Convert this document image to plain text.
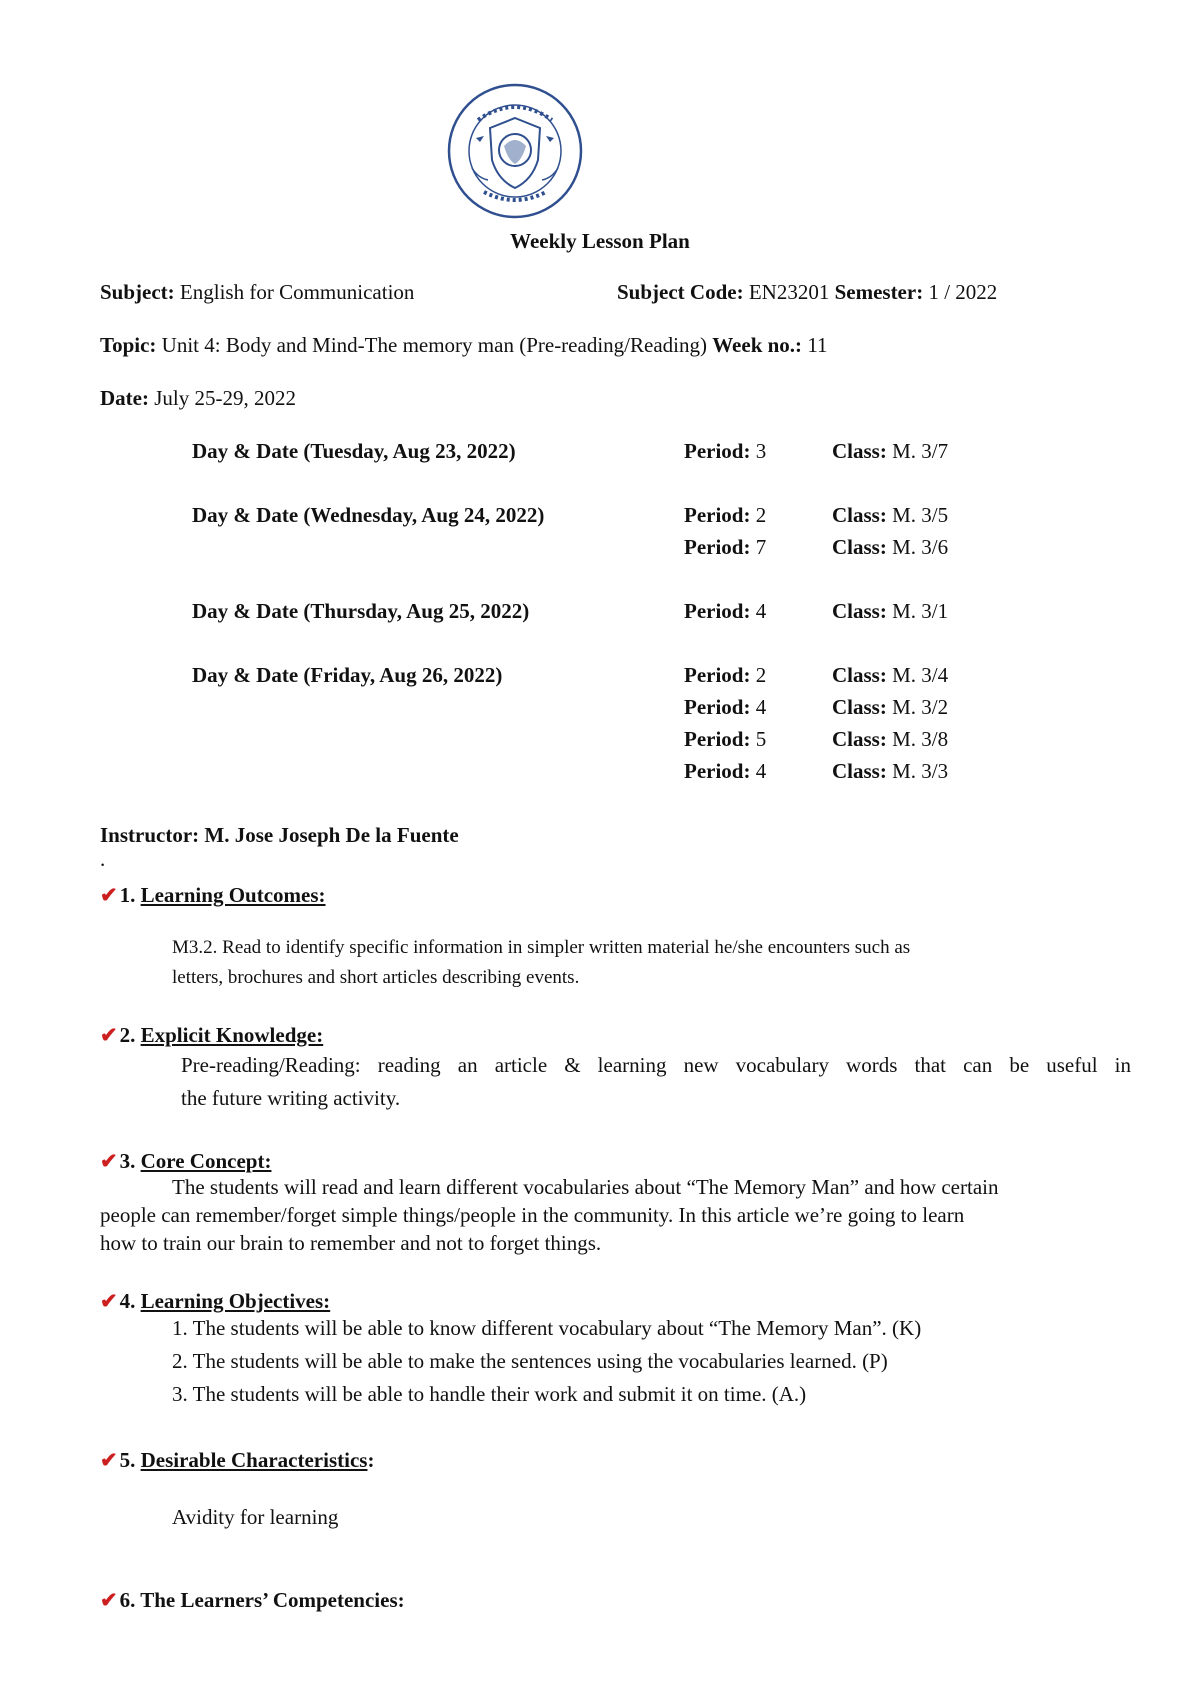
Weekly Lesson Plan
Subject: English for Communication	Subject Code: EN23201 Semester: 1 / 2022
Topic: Unit 4: Body and Mind-The memory man (Pre-reading/Reading) Week no.: 11
Date: July 25-29, 2022
Day & Date (Tuesday, Aug 23, 2022)	Period: 3	Class: M. 3/7
Day & Date (Wednesday, Aug 24, 2022)	Period: 2	Class: M. 3/5
Period: 7	Class: M. 3/6
Day & Date (Thursday, Aug 25, 2022)	Period: 4	Class: M. 3/1
Day & Date (Friday, Aug 26, 2022)	Period: 2	Class: M. 3/4
Period: 4	Class: M. 3/2
Period: 5	Class: M. 3/8
Period: 4	Class: M. 3/3
Instructor: M. Jose Joseph De la Fuente
.
✔1. Learning Outcomes:
M3.2. Read to identify specific information in simpler written material he/she encounters such as
letters, brochures and short articles describing events.
✔2. Explicit Knowledge:
Pre-reading/Reading: reading an article & learning new vocabulary words that can be useful in
the future writing activity.
✔3. Core Concept:
The students will read and learn different vocabularies about “The Memory Man” and how certain
people can remember/forget simple things/people in the community. In this article we’re going to learn
how to train our brain to remember and not to forget things.
✔4. Learning Objectives:
1. The students will be able to know different vocabulary about “The Memory Man”. (K)
2. The students will be able to make the sentences using the vocabularies learned. (P)
3. The students will be able to handle their work and submit it on time. (A.)
✔5. Desirable Characteristics:
Avidity for learning
✔6. The Learners’ Competencies:
